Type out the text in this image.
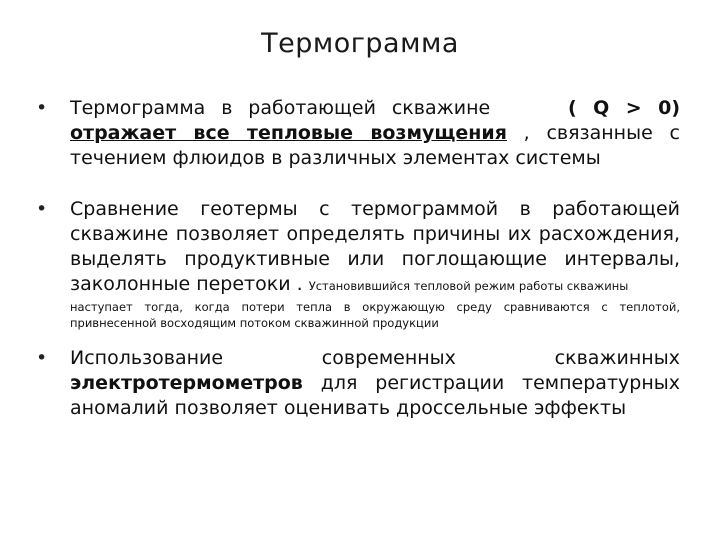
Термограмма
• Термограмма в работающей скважине	( Q > 0) отражает все тепловые возмущения , связанные с течением флюидов в различных элементах системы
• Сравнение геотермы с термограммой в работающей скважине позволяет определять причины их расхождения, выделять продуктивные или поглощающие интервалы, заколонные перетоки . Установившийся тепловой режим работы скважины
наступает тогда, когда потери тепла в окружающую среду сравниваются с теплотой, привнесенной восходящим потоком скважинной продукции
• Использование	современных	скважинных электротермометров для регистрации температурных аномалий позволяет оценивать дроссельные эффекты
